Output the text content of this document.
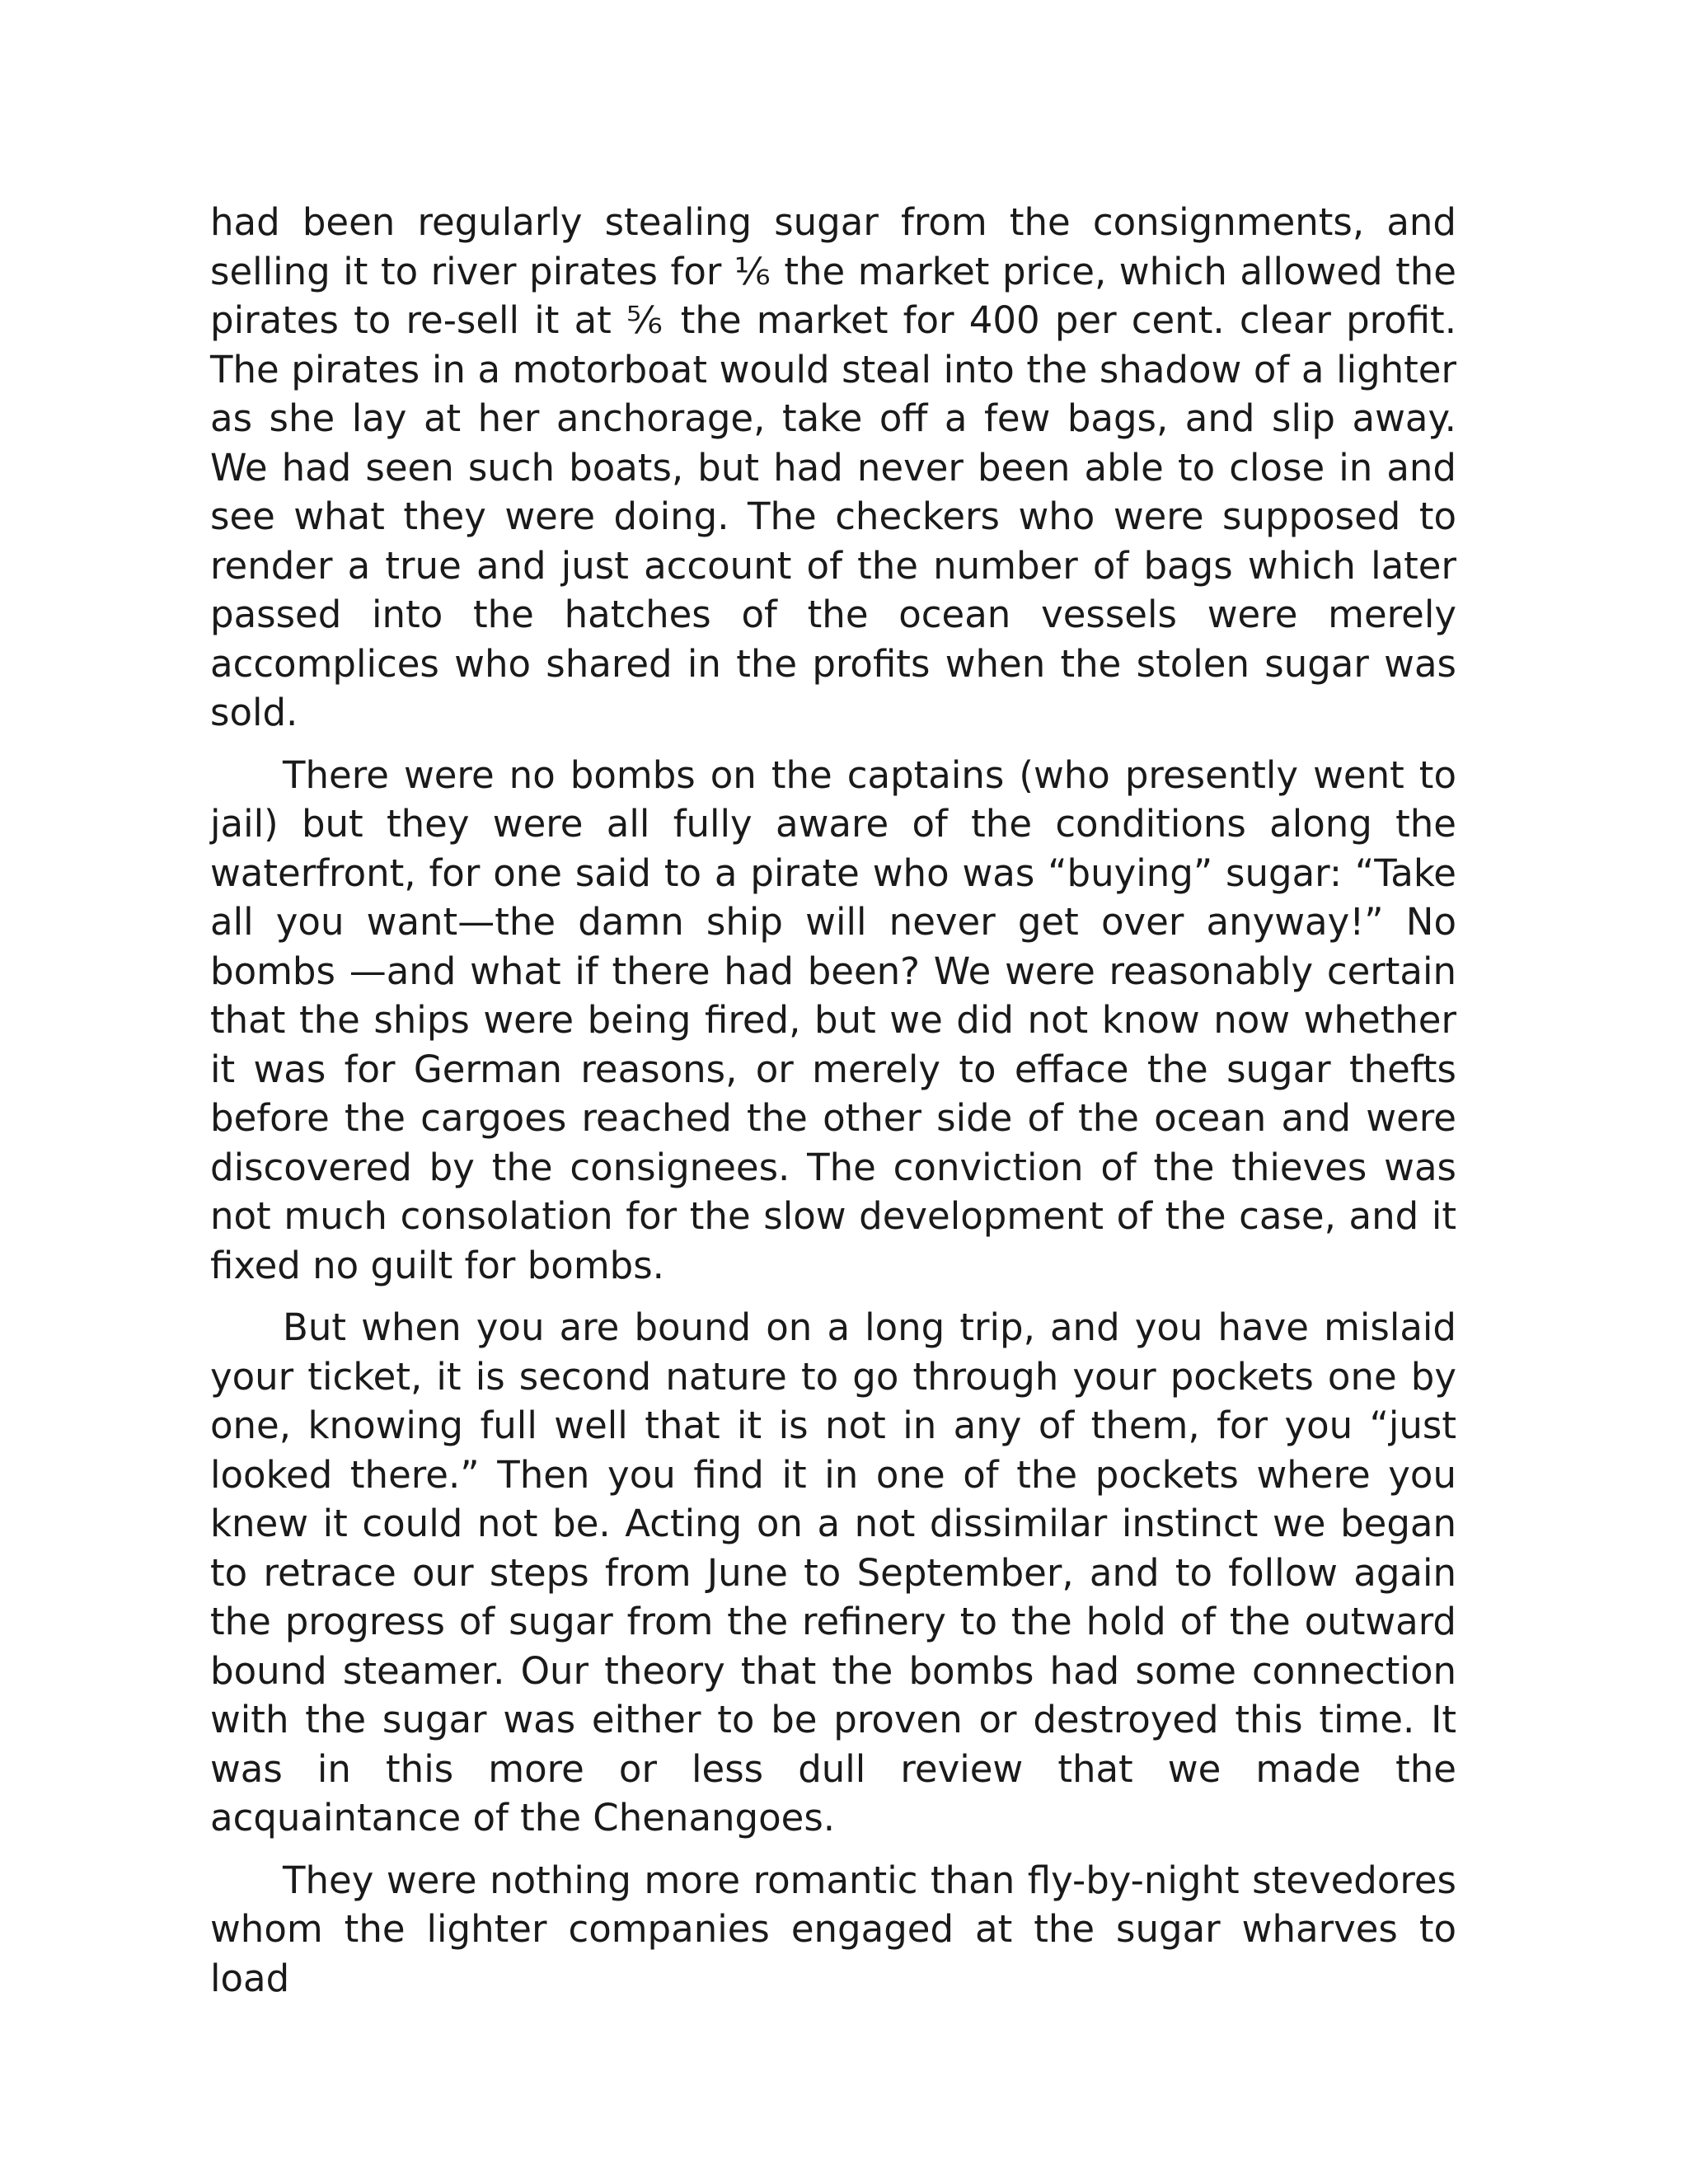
had been regularly stealing sugar from the consignments, and selling it to river pirates for ⅙ the market price, which allowed the pirates to re-sell it at ⅚ the market for 400 per cent. clear profit. The pirates in a motorboat would steal into the shadow of a lighter as she lay at her anchorage, take off a few bags, and slip away. We had seen such boats, but had never been able to close in and see what they were doing. The checkers who were supposed to render a true and just account of the number of bags which later passed into the hatches of the ocean vessels were merely accomplices who shared in the profits when the stolen sugar was sold.

There were no bombs on the captains (who presently went to jail) but they were all fully aware of the conditions along the waterfront, for one said to a pirate who was “buying” sugar: “Take all you want—the damn ship will never get over anyway!” No bombs —and what if there had been? We were reasonably certain that the ships were being fired, but we did not know now whether it was for German reasons, or merely to efface the sugar thefts before the cargoes reached the other side of the ocean and were discovered by the consignees. The conviction of the thieves was not much consolation for the slow development of the case, and it fixed no guilt for bombs.

But when you are bound on a long trip, and you have mislaid your ticket, it is second nature to go through your pockets one by one, knowing full well that it is not in any of them, for you “just looked there.” Then you find it in one of the pockets where you knew it could not be. Acting on a not dissimilar instinct we began to retrace our steps from June to September, and to follow again the progress of sugar from the refinery to the hold of the outward bound steamer. Our theory that the bombs had some connection with the sugar was either to be proven or destroyed this time. It was in this more or less dull review that we made the acquaintance of the Chenangoes.

They were nothing more romantic than fly-by-night stevedores whom the lighter companies engaged at the sugar wharves to load
